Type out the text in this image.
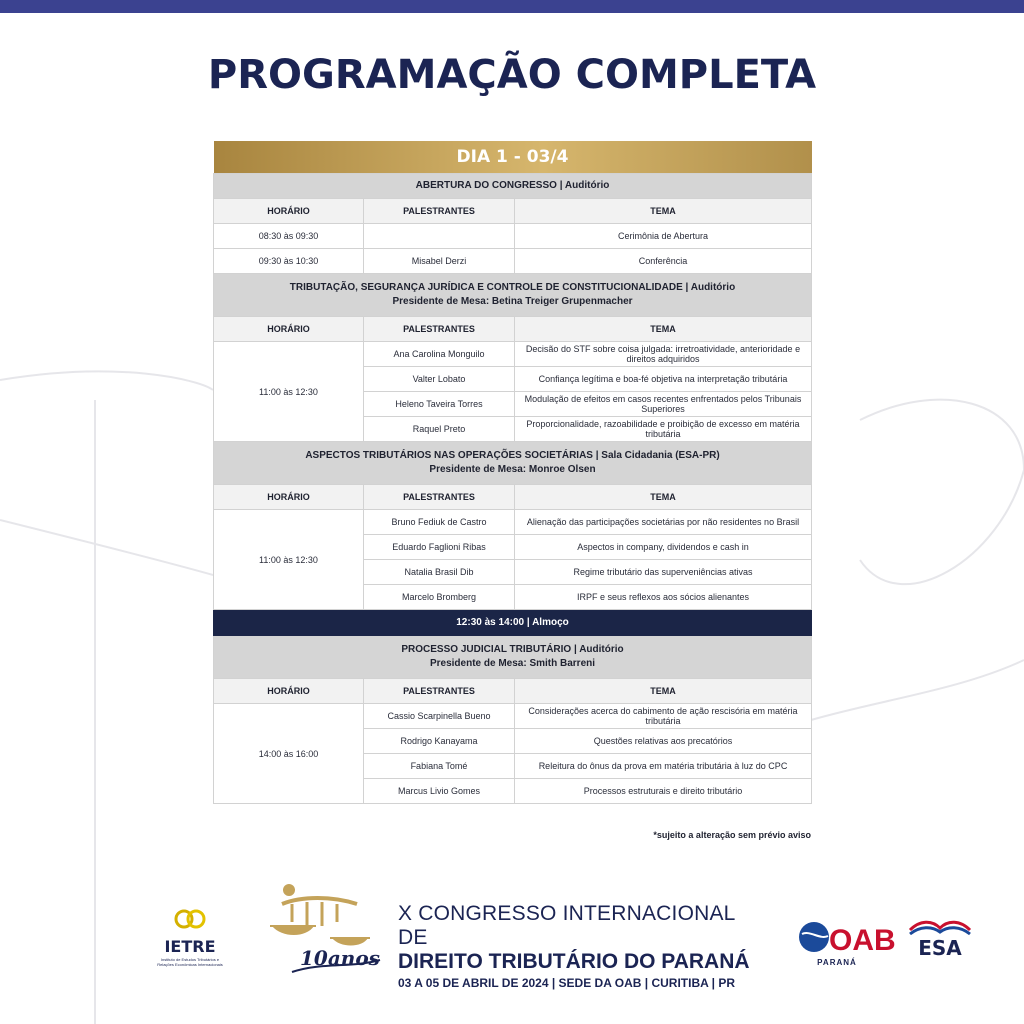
PROGRAMAÇÃO COMPLETA
DIA 1 - 03/4		
ABERTURA DO CONGRESSO | Auditório		
HORÁRIO	PALESTRANTES	TEMA
08:30 às 09:30		Cerimônia de Abertura
09:30 às 10:30	Misabel Derzi	Conferência
TRIBUTAÇÃO, SEGURANÇA JURÍDICA E CONTROLE DE CONSTITUCIONALIDADE | Auditório
Presidente de Mesa: Betina Treiger Grupenmacher		
HORÁRIO	PALESTRANTES	TEMA
11:00 às 12:30	Ana Carolina Monguilo	Decisão do STF sobre coisa julgada: irretroatividade, anterioridade e direitos adquiridos
	Valter Lobato	Confiança legítima e boa-fé objetiva na interpretação tributária
	Heleno Taveira Torres	Modulação de efeitos em casos recentes enfrentados pelos Tribunais Superiores
	Raquel Preto	Proporcionalidade, razoabilidade e proibição de excesso em matéria tributária
ASPECTOS TRIBUTÁRIOS NAS OPERAÇÕES SOCIETÁRIAS | Sala Cidadania (ESA-PR)
Presidente de Mesa: Monroe Olsen		
HORÁRIO	PALESTRANTES	TEMA
11:00 às 12:30	Bruno Fediuk de Castro	Alienação das participações societárias por não residentes no Brasil
	Eduardo Faglioni Ribas	Aspectos in company, dividendos e cash in
	Natalia Brasil Dib	Regime tributário das superveniências ativas
	Marcelo Bromberg	IRPF e seus reflexos aos sócios alienantes
12:30 às 14:00 | Almoço		
PROCESSO JUDICIAL TRIBUTÁRIO | Auditório
Presidente de Mesa: Smith Barreni		
HORÁRIO	PALESTRANTES	TEMA
14:00 às 16:00	Cassio Scarpinella Bueno	Considerações acerca do cabimento de ação rescisória em matéria tributária
	Rodrigo Kanayama	Questões relativas aos precatórios
	Fabiana Tomé	Releitura do ônus da prova em matéria tributária à luz do CPC
	Marcus Livio Gomes	Processos estruturais e direito tributário
*sujeito a alteração sem prévio aviso
IETRE
Instituto de Estudos Tributários e Relações Econômicas Internacionais	10anos
X CONGRESSO INTERNACIONAL DE
DIREITO TRIBUTÁRIO DO PARANÁ
03 A 05 DE ABRIL DE 2024 | SEDE DA OAB | CURITIBA | PR
OAB
PARANÁ
ESA
